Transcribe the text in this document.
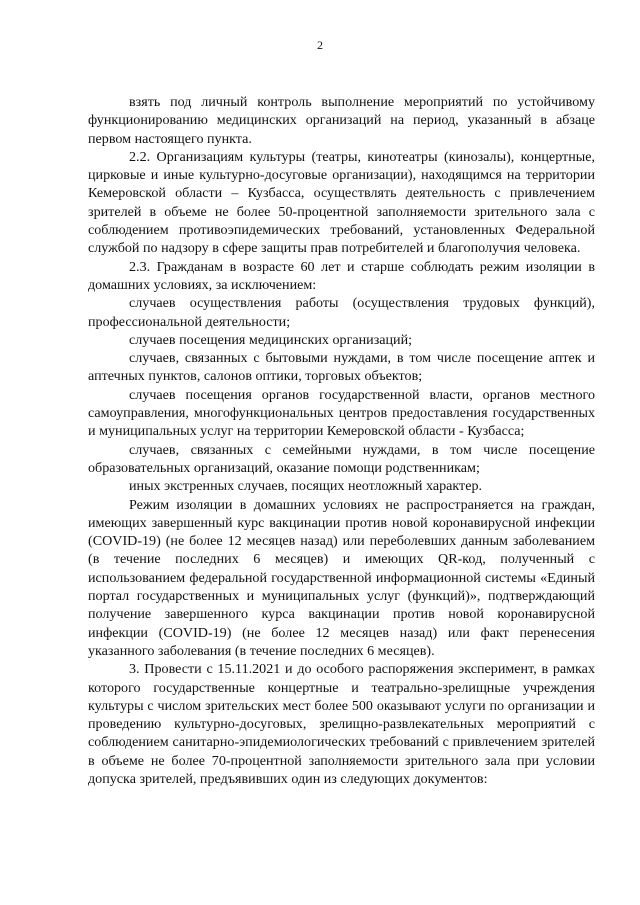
2

взять под личный контроль выполнение мероприятий по устойчивому функционированию медицинских организаций на период, указанный в абзаце первом настоящего пункта.

2.2. Организациям культуры (театры, кинотеатры (кинозалы), концертные, цирковые и иные культурно-досуговые организации), находящимся на территории Кемеровской области – Кузбасса, осуществлять деятельность с привлечением зрителей в объеме не более 50-процентной заполняемости зрительного зала с соблюдением противоэпидемических требований, установленных Федеральной службой по надзору в сфере защиты прав потребителей и благополучия человека.

2.3. Гражданам в возрасте 60 лет и старше соблюдать режим изоляции в домашних условиях, за исключением:

случаев осуществления работы (осуществления трудовых функций), профессиональной деятельности;

случаев посещения медицинских организаций;

случаев, связанных с бытовыми нуждами, в том числе посещение аптек и аптечных пунктов, салонов оптики, торговых объектов;

случаев посещения органов государственной власти, органов местного самоуправления, многофункциональных центров предоставления государственных и муниципальных услуг на территории Кемеровской области - Кузбасса;

случаев, связанных с семейными нуждами, в том числе посещение образовательных организаций, оказание помощи родственникам;

иных экстренных случаев, посящих неотложный характер.

Режим изоляции в домашних условиях не распространяется на граждан, имеющих завершенный курс вакцинации против новой коронавирусной инфекции (COVID-19) (не более 12 месяцев назад) или переболевших данным заболеванием (в течение последних 6 месяцев) и имеющих QR-код, полученный с использованием федеральной государственной информационной системы «Единый портал государственных и муниципальных услуг (функций)», подтверждающий получение завершенного курса вакцинации против новой коронавирусной инфекции (COVID-19) (не более 12 месяцев назад) или факт перенесения указанного заболевания (в течение последних 6 месяцев).

3. Провести с 15.11.2021 и до особого распоряжения эксперимент, в рамках которого государственные концертные и театрально-зрелищные учреждения культуры с числом зрительских мест более 500 оказывают услуги по организации и проведению культурно-досуговых, зрелищно-развлекательных мероприятий с соблюдением санитарно-эпидемиологических требований с привлечением зрителей в объеме не более 70-процентной заполняемости зрительного зала при условии допуска зрителей, предъявивших один из следующих документов:
